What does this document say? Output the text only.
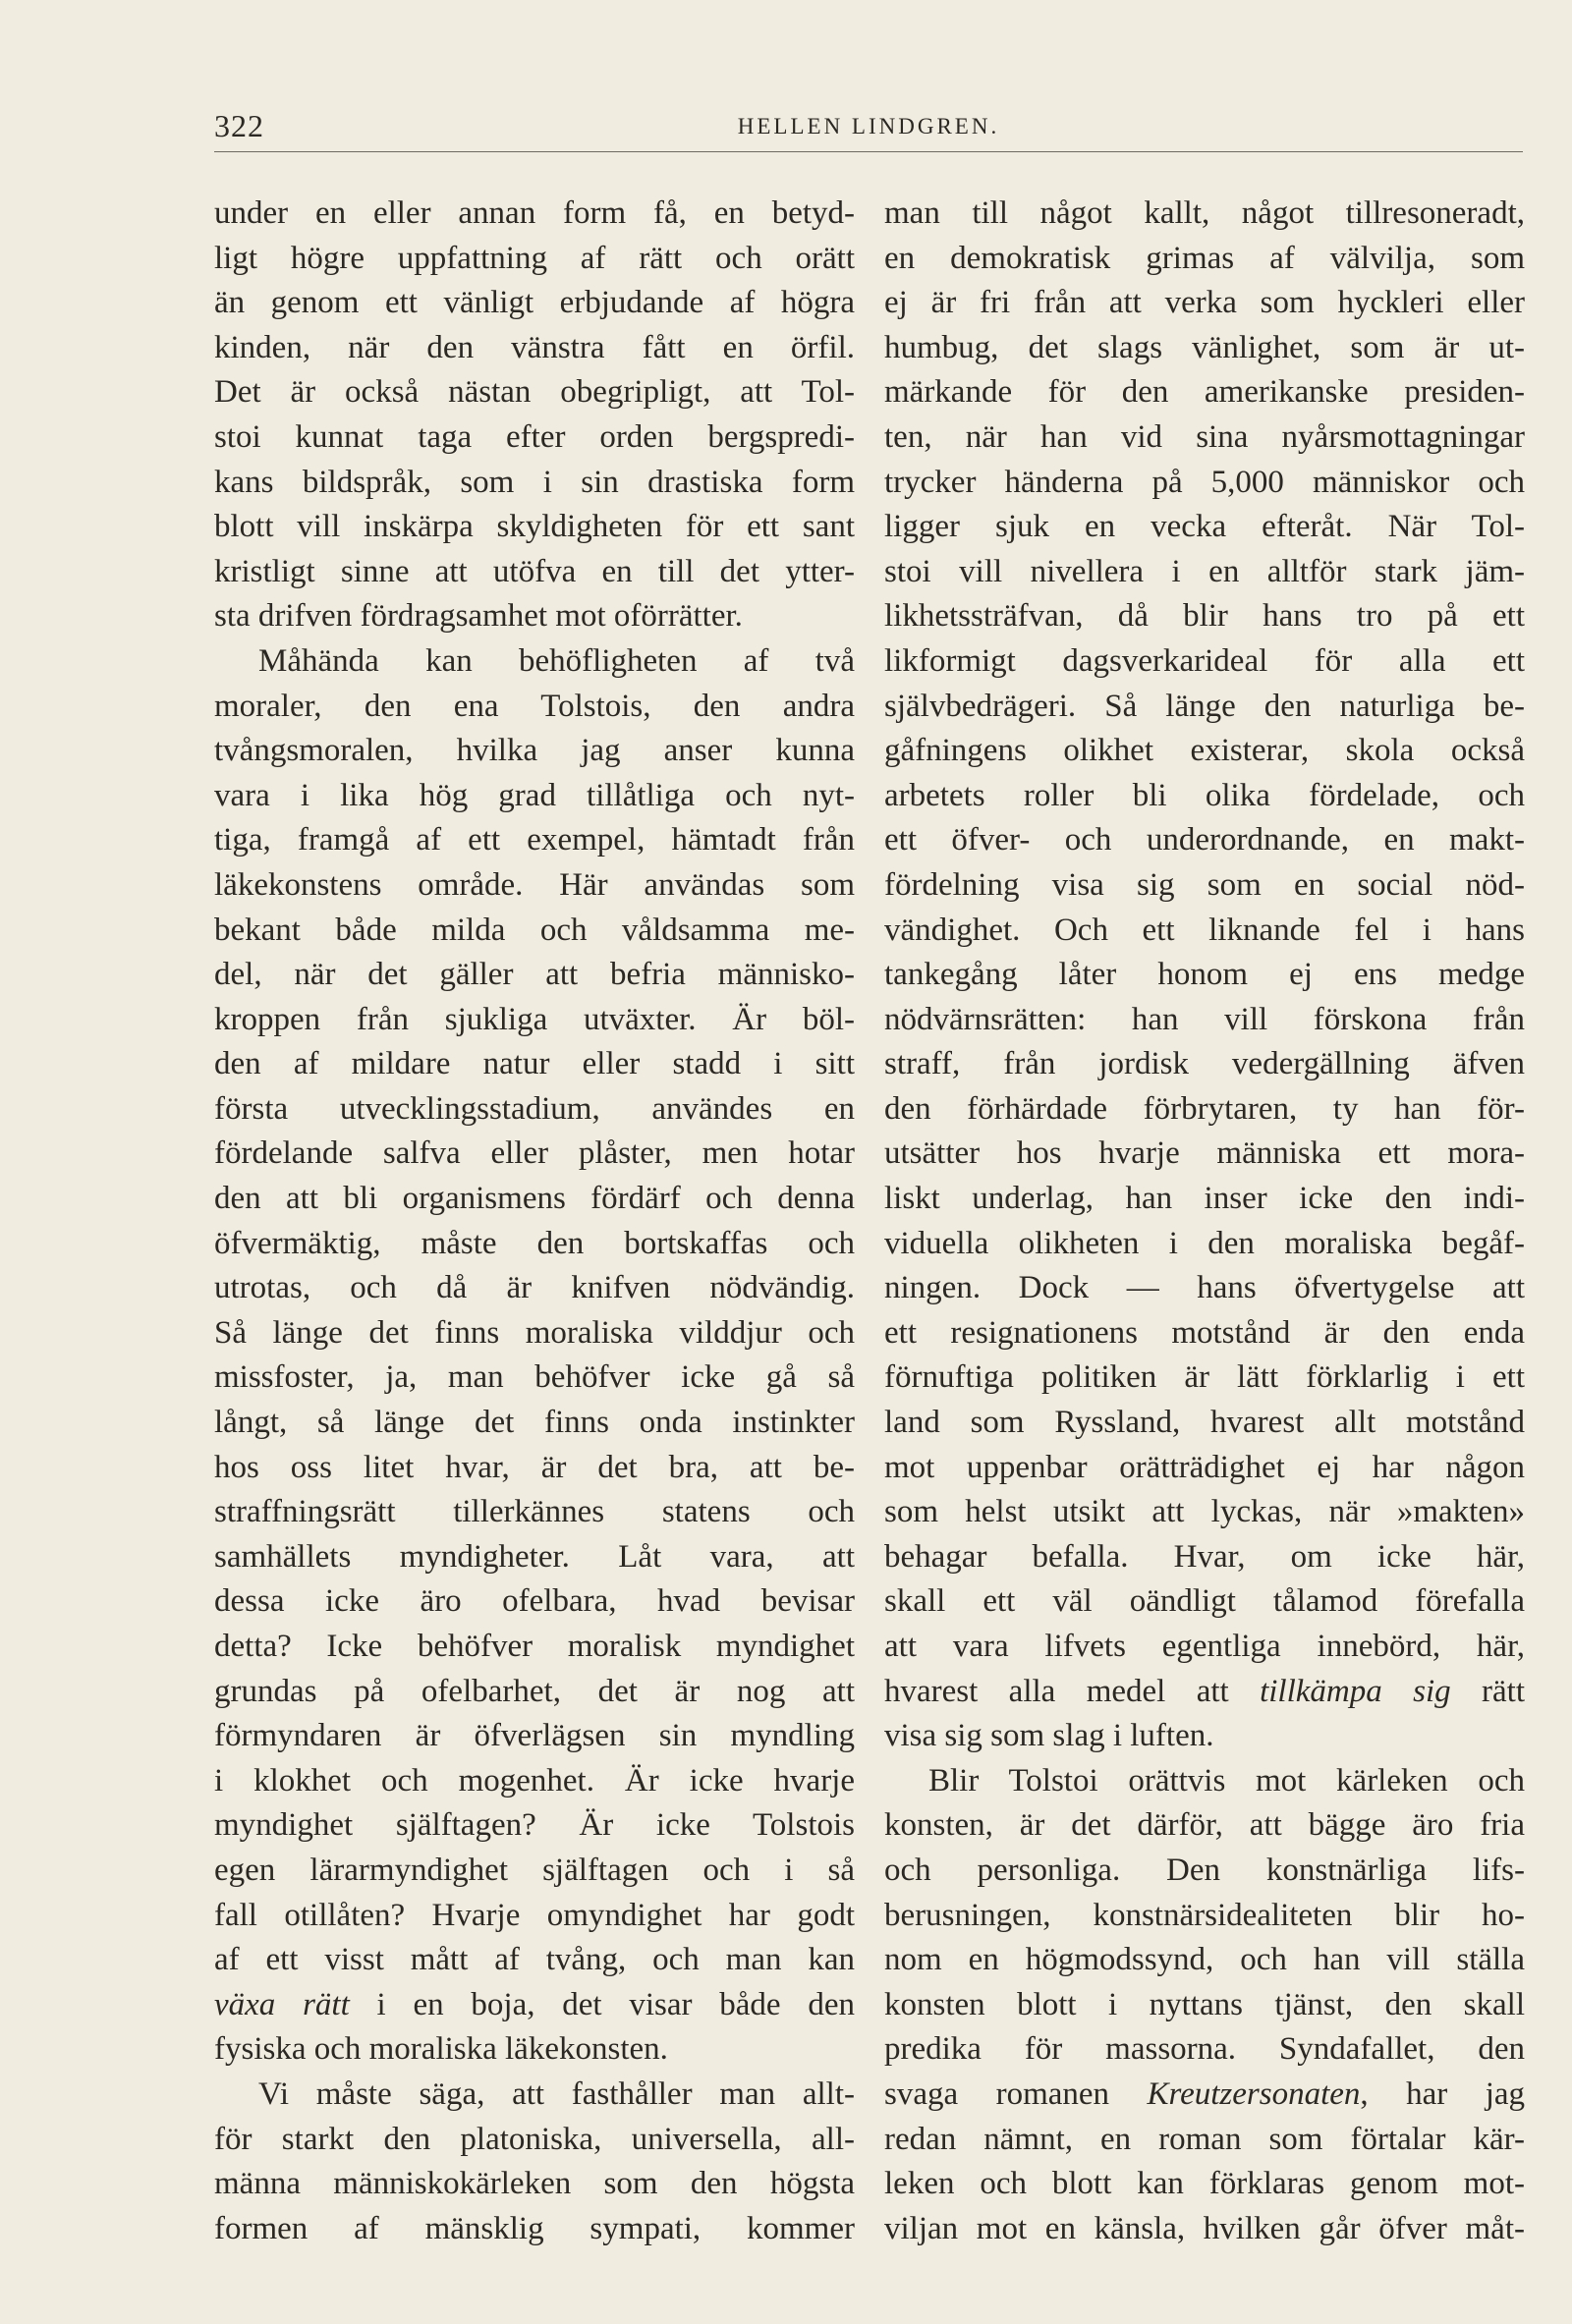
322	HELLEN LINDGREN.
under en eller annan form få, en betyd-
ligt högre uppfattning af rätt och orätt
än genom ett vänligt erbjudande af högra
kinden, när den vänstra fått en örfil.
Det är också nästan obegripligt, att Tol-
stoi kunnat taga efter orden bergspredi-
kans bildspråk, som i sin drastiska form
blott vill inskärpa skyldigheten för ett sant
kristligt sinne att utöfva en till det ytter-
sta drifven fördragsamhet mot oförrätter.
Måhända kan behöfligheten af två
moraler, den ena Tolstois, den andra
tvångsmoralen, hvilka jag anser kunna
vara i lika hög grad tillåtliga och nyt-
tiga, framgå af ett exempel, hämtadt från
läkekonstens område. Här användas som
bekant både milda och våldsamma me-
del, när det gäller att befria människo-
kroppen från sjukliga utväxter. Är böl-
den af mildare natur eller stadd i sitt
första utvecklingsstadium, användes en
fördelande salfva eller plåster, men hotar
den att bli organismens fördärf och denna
öfvermäktig, måste den bortskaffas och
utrotas, och då är knifven nödvändig.
Så länge det finns moraliska vilddjur och
missfoster, ja, man behöfver icke gå så
långt, så länge det finns onda instinkter
hos oss litet hvar, är det bra, att be-
straffningsrätt tillerkännes statens och
samhällets myndigheter. Låt vara, att
dessa icke äro ofelbara, hvad bevisar
detta? Icke behöfver moralisk myndighet
grundas på ofelbarhet, det är nog att
förmyndaren är öfverlägsen sin myndling
i klokhet och mogenhet. Är icke hvarje
myndighet själftagen? Är icke Tolstois
egen lärarmyndighet själftagen och i så
fall otillåten? Hvarje omyndighet har godt
af ett visst mått af tvång, och man kan
växa rätt i en boja, det visar både den
fysiska och moraliska läkekonsten.
Vi måste säga, att fasthåller man allt-
för starkt den platoniska, universella, all-
männa människokärleken som den högsta
formen af mänsklig sympati, kommer
man till något kallt, något tillresoneradt,
en demokratisk grimas af välvilja, som
ej är fri från att verka som hyckleri eller
humbug, det slags vänlighet, som är ut-
märkande för den amerikanske presiden-
ten, när han vid sina nyårsmottagningar
trycker händerna på 5,000 människor och
ligger sjuk en vecka efteråt. När Tol-
stoi vill nivellera i en alltför stark jäm-
likhetssträfvan, då blir hans tro på ett
likformigt dagsverkarideal för alla ett
självbedrägeri. Så länge den naturliga be-
gåfningens olikhet existerar, skola också
arbetets roller bli olika fördelade, och
ett öfver- och underordnande, en makt-
fördelning visa sig som en social nöd-
vändighet. Och ett liknande fel i hans
tankegång låter honom ej ens medge
nödvärnsrätten: han vill förskona från
straff, från jordisk vedergällning äfven
den förhärdade förbrytaren, ty han för-
utsätter hos hvarje människa ett mora-
liskt underlag, han inser icke den indi-
viduella olikheten i den moraliska begåf-
ningen. Dock — hans öfvertygelse att
ett resignationens motstånd är den enda
förnuftiga politiken är lätt förklarlig i ett
land som Ryssland, hvarest allt motstånd
mot uppenbar orätträdighet ej har någon
som helst utsikt att lyckas, när »makten»
behagar befalla. Hvar, om icke här,
skall ett väl oändligt tålamod förefalla
att vara lifvets egentliga innebörd, här,
hvarest alla medel att tillkämpa sig rätt
visa sig som slag i luften.
Blir Tolstoi orättvis mot kärleken och
konsten, är det därför, att bägge äro fria
och personliga. Den konstnärliga lifs-
berusningen, konstnärsidealiteten blir ho-
nom en högmodssynd, och han vill ställa
konsten blott i nyttans tjänst, den skall
predika för massorna. Syndafallet, den
svaga romanen Kreutzersonaten, har jag
redan nämnt, en roman som förtalar kär-
leken och blott kan förklaras genom mot-
viljan mot en känsla, hvilken går öfver måt-
